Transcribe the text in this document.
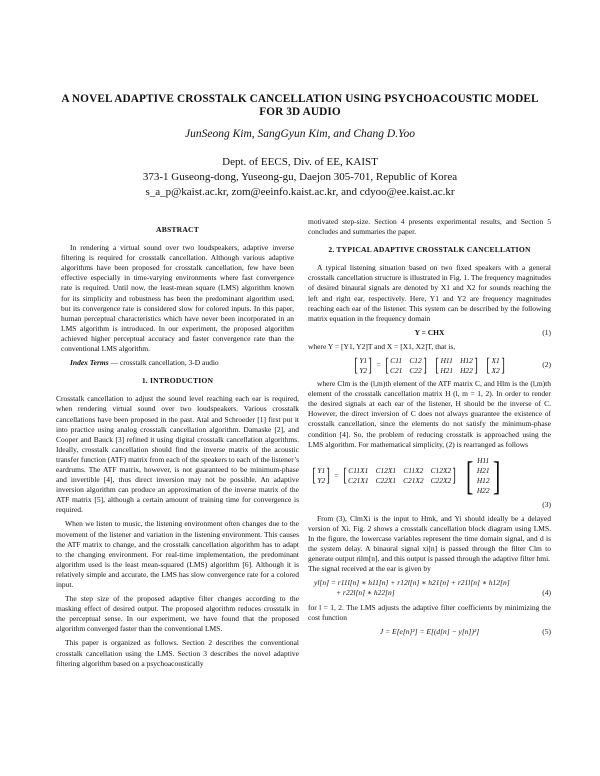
A NOVEL ADAPTIVE CROSSTALK CANCELLATION USING PSYCHOACOUSTIC MODEL FOR 3D AUDIO
JunSeong Kim, SangGyun Kim, and Chang D.Yoo
Dept. of EECS, Div. of EE, KAIST
373-1 Guseong-dong, Yuseong-gu, Daejon 305-701, Republic of Korea
s_a_p@kaist.ac.kr, zom@eeinfo.kaist.ac.kr, and cdyoo@ee.kaist.ac.kr
ABSTRACT

In rendering a virtual sound over two loudspeakers, adaptive inverse filtering is required for crosstalk cancellation. Although various adaptive algorithms have been proposed for crosstalk cancellation, few have been effective especially in time-varying environments where fast convergence rate is required. Until now, the least-mean square (LMS) algorithm known for its simplicity and robustness has been the predominant algorithm used, but its convergence rate is considered slow for colored inputs. In this paper, human perceptual characteristics which have never been incorporated in an LMS algorithm is introduced. In our experiment, the proposed algorithm achieved higher perceptual accuracy and faster convergence rate than the conventional LMS algorithm.

Index Terms — crosstalk cancellation, 3-D audio

1. INTRODUCTION

Crosstalk cancellation to adjust the sound level reaching each ear is required, when rendering virtual sound over two loudspeakers. Various crosstalk cancellations have been proposed in the past. Atal and Schroeder [1] first put it into practice using analog crosstalk cancellation algorithm. Damaske [2], and Cooper and Bauck [3] refined it using digital crosstalk cancellation algorithms. Ideally, crosstalk cancellation should find the inverse matrix of the acoustic transfer function (ATF) matrix from each of the speakers to each of the listener’s eardrums. The ATF matrix, however, is not guaranteed to be minimum-phase and invertible [4], thus direct inversion may not be possible. An adaptive inversion algorithm can produce an approximation of the inverse matrix of the ATF matrix [5], although a certain amount of training time for convergence is required.

When we listen to music, the listening environment often changes due to the movement of the listener and variation in the listening environment. This causes the ATF matrix to change, and the crosstalk cancellation algorithm has to adapt to the changing environment. For real-time implementation, the predominant algorithm used is the least mean-squared (LMS) algorithm [6]. Although it is relatively simple and accurate, the LMS has slow convergence rate for a colored input.

The step size of the proposed adaptive filter changes according to the masking effect of desired output. The proposed algorithm reduces crosstalk in the perceptual sense. In our experiment, we have found that the proposed algorithm converged faster than the conventional LMS.

This paper is organized as follows. Section 2 describes the conventional crosstalk cancellation using the LMS. Section 3 describes the novel adaptive filtering algorithm based on a psychoacoustically

motivated step-size. Section 4 presents experimental results, and Section 5 concludes and summaries the paper.

2. TYPICAL ADAPTIVE CROSSTALK CANCELLATION

A typical listening situation based on two fixed speakers with a general crosstalk cancellation structure is illustrated in Fig. 1. The frequency magnitudes of desired binaural signals are denoted by X1 and X2 for sounds reaching the left and right ear, respectively. Here, Y1 and Y2 are frequency magnitudes reaching each ear of the listener. This system can be described by the following matrix equation in the frequency domain

Y = CHX	(1)

where Y = [Y1, Y2]T and X = [X1, X2]T, that is,

[ Y1
Y2 ] = [ C11 C12
C21 C22 ] [ H11 H12
H21 H22 ] [ X1
X2 ]	(2)

where Clm is the (l,m)th element of the ATF matrix C, and Hlm is the (l,m)th element of the crosstalk cancellation matrix H (l, m = 1, 2). In order to render the desired signals at each ear of the listener, H should be the inverse of C. However, the direct inversion of C does not always guarantee the existence of crosstalk cancellation, since the elements do not satisfy the minimum-phase condition [4]. So, the problem of reducing crosstalk is approached using the LMS algorithm. For mathematical simplicity, (2) is rearranged as follows

[ Y1
Y2 ] = [ C11X1 C12X1 C11X2 C12X2
C21X1 C22X1 C21X2 C22X2 ] [ H11
H21
H12
H22 ]
(3)

From (3), ClmXi is the input to Hmk, and Yi should ideally be a delayed version of Xi. Fig. 2 shows a crosstalk cancellation block diagram using LMS. In the figure, the lowercase variables represent the time domain signal, and d is the system delay. A binaural signal xi[n] is passed through the filter Clm to generate output rilm[n], and this output is passed through the adaptive filter hmi.

The signal received at the ear is given by

yl[n] = r11l[n] ∗ h11[n] + r12l[n] ∗ h21[n] + r21l[n] ∗ h12[n]
+ r22l[n] ∗ h22[n]	(4)

for l = 1, 2. The LMS adjusts the adaptive filter coefficients by minimizing the cost function

J = E[e[n]²] = E[(d[n] − y[n])²]	(5)
